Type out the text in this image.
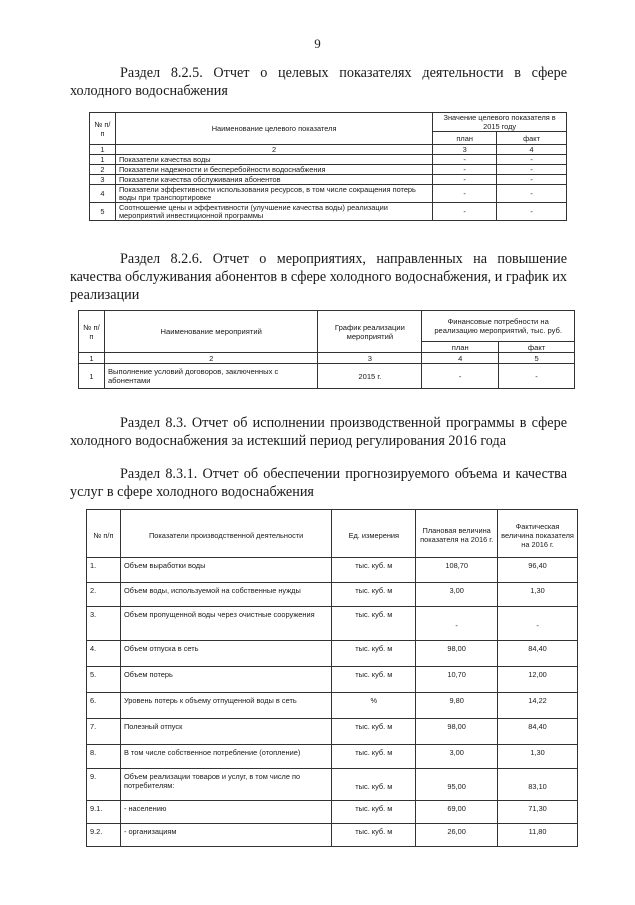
9
Раздел 8.2.5. Отчет о целевых показателях деятельности в сфере холодного водоснабжения
№ п/п	Наименование целевого показателя	Значение целевого показателя в 2015 году	
		план	факт
1	2	3	4
1	Показатели качества воды	-	-
2	Показатели надежности и бесперебойности водоснабжения	-	-
3	Показатели качества обслуживания абонентов	-	-
4	Показатели эффективности использования ресурсов, в том числе сокращения потерь воды при транспортировке	-	-
5	Соотношение цены и эффективности (улучшение качества воды) реализации мероприятий инвестиционной программы	-	-
Раздел 8.2.6. Отчет о мероприятиях, направленных на повышение качества обслуживания абонентов в сфере холодного водоснабжения, и график их реализации
№ п/п	Наименование мероприятий	График реализации мероприятий	Финансовые потребности на реализацию мероприятий, тыс. руб.	
			план	факт
1	2	3	4	5
1	Выполнение условий договоров, заключенных с абонентами	2015 г.	-	-
Раздел 8.3. Отчет об исполнении производственной программы в сфере холодного водоснабжения за истекший период регулирования 2016 года
Раздел 8.3.1. Отчет об обеспечении прогнозируемого объема и качества услуг в сфере холодного водоснабжения
№ п/п	Показатели производственной деятельности	Ед. измерения	Плановая величина показателя на 2016 г.	Фактическая величина показателя на 2016 г.
1.	Объем выработки воды	тыс. куб. м	108,70	96,40
2.	Объем воды, используемой на собственные нужды	тыс. куб. м	3,00	1,30
3.	Объем пропущенной воды через очистные сооружения	тыс. куб. м	-	-
4.	Объем отпуска в сеть	тыс. куб. м	98,00	84,40
5.	Объем потерь	тыс. куб. м	10,70	12,00
6.	Уровень потерь к объему отпущенной воды в сеть	%	9,80	14,22
7.	Полезный отпуск	тыс. куб. м	98,00	84,40
8.	В том числе собственное потребление (отопление)	тыс. куб. м	3,00	1,30
9.	Объем реализации товаров и услуг, в том числе по потребителям:	тыс. куб. м	95,00	83,10
9.1.	- населению	тыс. куб. м	69,00	71,30
9.2.	- организациям	тыс. куб. м	26,00	11,80
